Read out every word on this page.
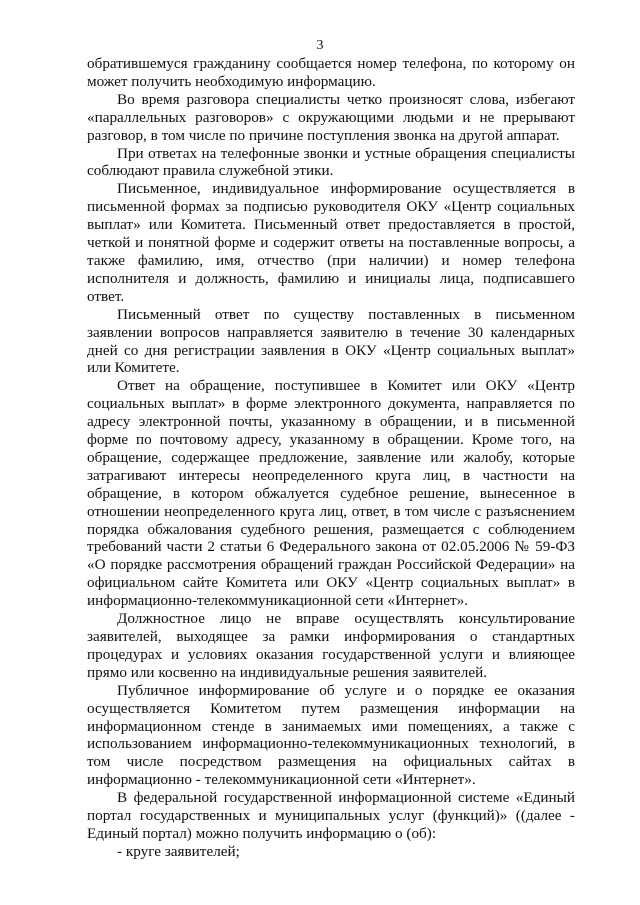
3

обратившемуся гражданину сообщается номер телефона, по которому он может получить необходимую информацию.

Во время разговора специалисты четко произносят слова, избегают «параллельных разговоров» с окружающими людьми и не прерывают разговор, в том числе по причине поступления звонка на другой аппарат.

При ответах на телефонные звонки и устные обращения специалисты соблюдают правила служебной этики.

Письменное, индивидуальное информирование осуществляется в письменной формах за подписью руководителя ОКУ «Центр социальных выплат» или Комитета. Письменный ответ предоставляется в простой, четкой и понятной форме и содержит ответы на поставленные вопросы, а также фамилию, имя, отчество (при наличии) и номер телефона исполнителя и должность, фамилию и инициалы лица, подписавшего ответ.

Письменный ответ по существу поставленных в письменном заявлении вопросов направляется заявителю в течение 30 календарных дней со дня регистрации заявления в ОКУ «Центр социальных выплат» или Комитете.

Ответ на обращение, поступившее в Комитет или ОКУ «Центр социальных выплат» в форме электронного документа, направляется по адресу электронной почты, указанному в обращении, и в письменной форме по почтовому адресу, указанному в обращении. Кроме того, на обращение, содержащее предложение, заявление или жалобу, которые затрагивают интересы неопределенного круга лиц, в частности на обращение, в котором обжалуется судебное решение, вынесенное в отношении неопределенного круга лиц, ответ, в том числе с разъяснением порядка обжалования судебного решения, размещается с соблюдением требований части 2 статьи 6 Федерального закона от 02.05.2006 № 59-ФЗ «О порядке рассмотрения обращений граждан Российской Федерации» на официальном сайте Комитета или ОКУ «Центр социальных выплат» в информационно-телекоммуникационной сети «Интернет».

Должностное лицо не вправе осуществлять консультирование заявителей, выходящее за рамки информирования о стандартных процедурах и условиях оказания государственной услуги и влияющее прямо или косвенно на индивидуальные решения заявителей.

Публичное информирование об услуге и о порядке ее оказания осуществляется Комитетом путем размещения информации на информационном стенде в занимаемых ими помещениях, а также с использованием информационно-телекоммуникационных технологий, в том числе посредством размещения на официальных сайтах в информационно - телекоммуникационной сети «Интернет».

В федеральной государственной информационной системе «Единый портал государственных и муниципальных услуг (функций)» ((далее - Единый портал) можно получить информацию о (об):

- круге заявителей;
